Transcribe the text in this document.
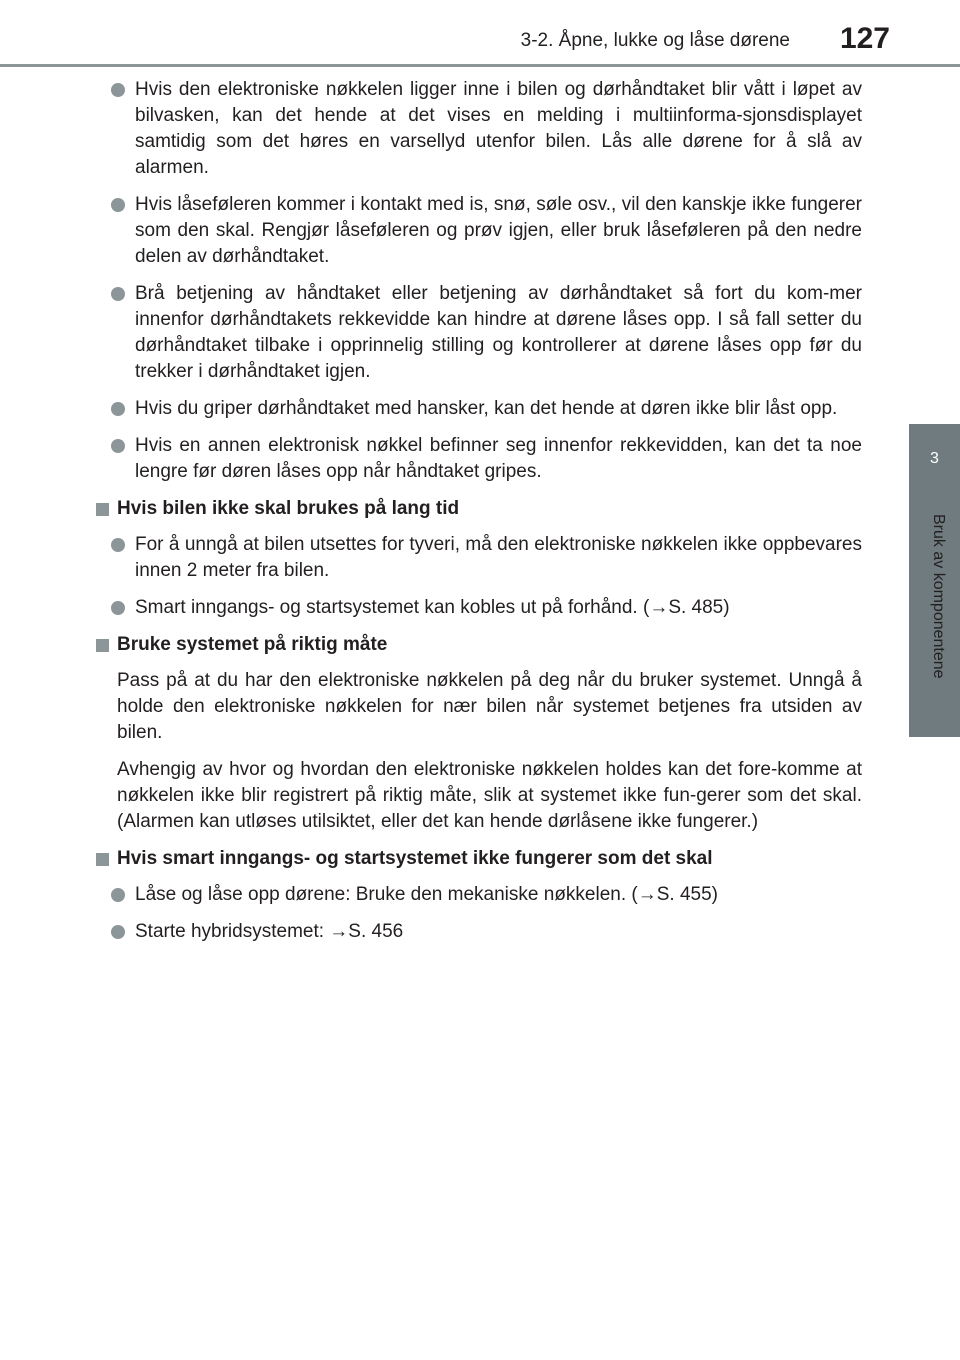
3-2. Åpne, lukke og låse dørene	127
3
Bruk av komponentene
Hvis den elektroniske nøkkelen ligger inne i bilen og dørhåndtaket blir vått i løpet av bilvasken, kan det hende at det vises en melding i multiinforma-sjonsdisplayet samtidig som det høres en varsellyd utenfor bilen. Lås alle dørene for å slå av alarmen.
Hvis låseføleren kommer i kontakt med is, snø, søle osv., vil den kanskje ikke fungerer som den skal. Rengjør låseføleren og prøv igjen, eller bruk låseføleren på den nedre delen av dørhåndtaket.
Brå betjening av håndtaket eller betjening av dørhåndtaket så fort du kom-mer innenfor dørhåndtakets rekkevidde kan hindre at dørene låses opp. I så fall setter du dørhåndtaket tilbake i opprinnelig stilling og kontrollerer at dørene låses opp før du trekker i dørhåndtaket igjen.
Hvis du griper dørhåndtaket med hansker, kan det hende at døren ikke blir låst opp.
Hvis en annen elektronisk nøkkel befinner seg innenfor rekkevidden, kan det ta noe lengre før døren låses opp når håndtaket gripes.
Hvis bilen ikke skal brukes på lang tid
For å unngå at bilen utsettes for tyveri, må den elektroniske nøkkelen ikke oppbevares innen 2 meter fra bilen.
Smart inngangs- og startsystemet kan kobles ut på forhånd. (→S. 485)
Bruke systemet på riktig måte
Pass på at du har den elektroniske nøkkelen på deg når du bruker systemet. Unngå å holde den elektroniske nøkkelen for nær bilen når systemet betjenes fra utsiden av bilen.
Avhengig av hvor og hvordan den elektroniske nøkkelen holdes kan det fore-komme at nøkkelen ikke blir registrert på riktig måte, slik at systemet ikke fun-gerer som det skal. (Alarmen kan utløses utilsiktet, eller det kan hende dørlåsene ikke fungerer.)
Hvis smart inngangs- og startsystemet ikke fungerer som det skal
Låse og låse opp dørene: Bruke den mekaniske nøkkelen. (→S. 455)
Starte hybridsystemet: →S. 456
